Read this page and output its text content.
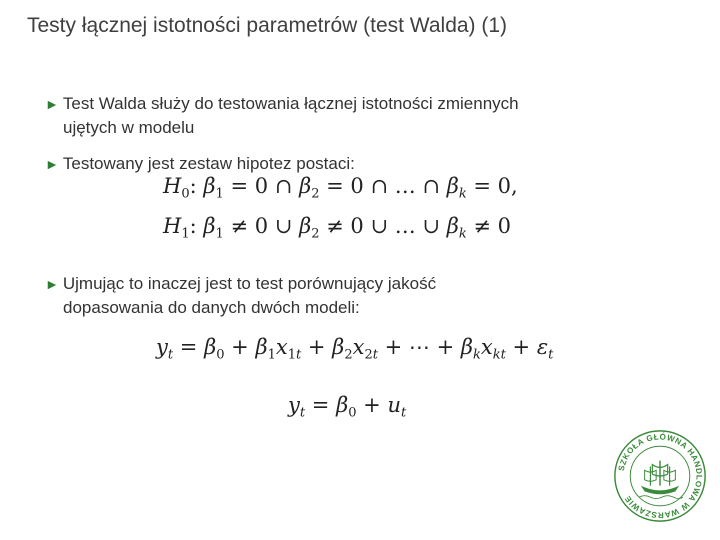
Testy łącznej istotności parametrów (test Walda) (1)
► Test Walda służy do testowania łącznej istotności zmiennych
ujętych w modelu
► Testowany jest zestaw hipotez postaci:
$H_0$: $\beta_1 = 0$ ∩ $\beta_2 = 0$ ∩ … ∩ $\beta_k = 0$,
$H_1$: $\beta_1 \ne 0$ ∪ $\beta_2 \ne 0$ ∪ … ∪ $\beta_k \ne 0$
► Ujmując to inaczej jest to test porównujący jakość
dopasowania do danych dwóch modeli:
$y_t = \beta_0 + \beta_1x_{1t} + \beta_2x_{2t}$ + ⋯ + $\beta_kx_{kt} + \varepsilon_t$
$y_t = \beta_0 + u_t$
SZKOŁA GŁÓWNA HANDLOWA W WARSZAWIE
